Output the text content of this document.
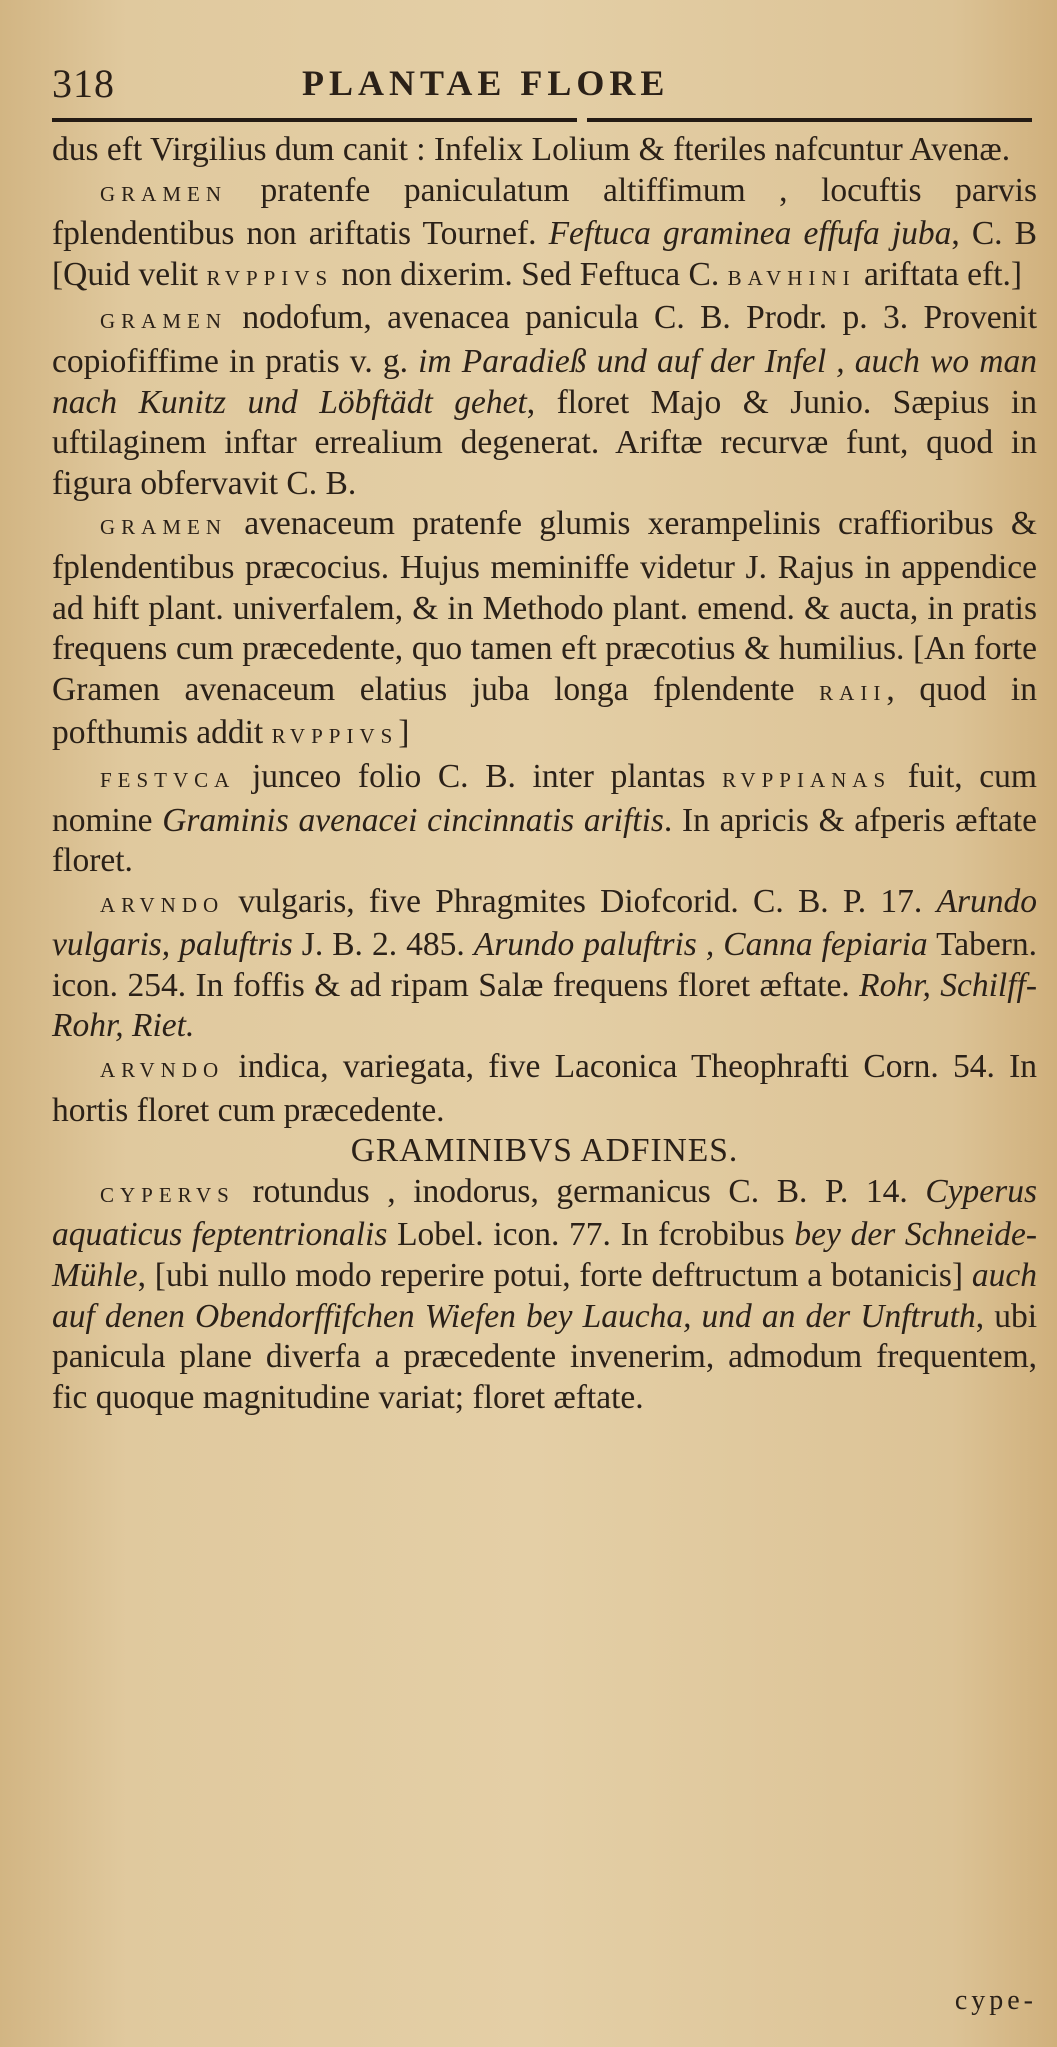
318	PLANTAE FLORE

dus eft Virgilius dum canit : Infelix Lolium & fteriles nafcuntur Avenæ.

GRAMEN pratenfe paniculatum altiffimum , locuftis parvis fplendentibus non ariftatis Tournef. Feftuca graminea effufa juba, C. B [Quid velit RVPPIVS non dixerim. Sed Feftuca C. BAVHINI ariftata eft.]

GRAMEN nodofum, avenacea panicula C. B. Prodr. p. 3. Provenit copiofiffime in pratis v. g. im Paradieß und auf der Infel , auch wo man nach Kunitz und Löbftädt gehet, floret Majo & Junio. Sæpius in uftilaginem inftar errealium degenerat. Ariftæ recurvæ funt, quod in figura obfervavit C. B.

GRAMEN avenaceum pratenfe glumis xerampelinis craffioribus & fplendentibus præcocius. Hujus meminiffe videtur J. Rajus in appendice ad hift plant. univerfalem, & in Methodo plant. emend. & aucta, in pratis frequens cum præcedente, quo tamen eft præcotius & humilius. [An forte Gramen avenaceum elatius juba longa fplendente RAII, quod in pofthumis addit RVPPIVS]

FESTVCA junceo folio C. B. inter plantas RVPPIANAS fuit, cum nomine Graminis avenacei cincinnatis ariftis. In apricis & afperis æftate floret.

ARVNDO vulgaris, five Phragmites Diofcorid. C. B. P. 17. Arundo vulgaris, paluftris J. B. 2. 485. Arundo paluftris , Canna fepiaria Tabern. icon. 254. In foffis & ad ripam Salæ frequens floret æftate. Rohr, Schilff-Rohr, Riet.

ARVNDO indica, variegata, five Laconica Theophrafti Corn. 54. In hortis floret cum præcedente.

GRAMINIBVS ADFINES.

CYPERVS rotundus , inodorus, germanicus C. B. P. 14. Cyperus aquaticus feptentrionalis Lobel. icon. 77. In fcrobibus bey der Schneide-Mühle, [ubi nullo modo reperire potui, forte deftructum a botanicis] auch auf denen Obendorffifchen Wiefen bey Laucha, und an der Unftruth, ubi panicula plane diverfa a præcedente invenerim, admodum frequentem, fic quoque magnitudine variat; floret æftate.

cype-
